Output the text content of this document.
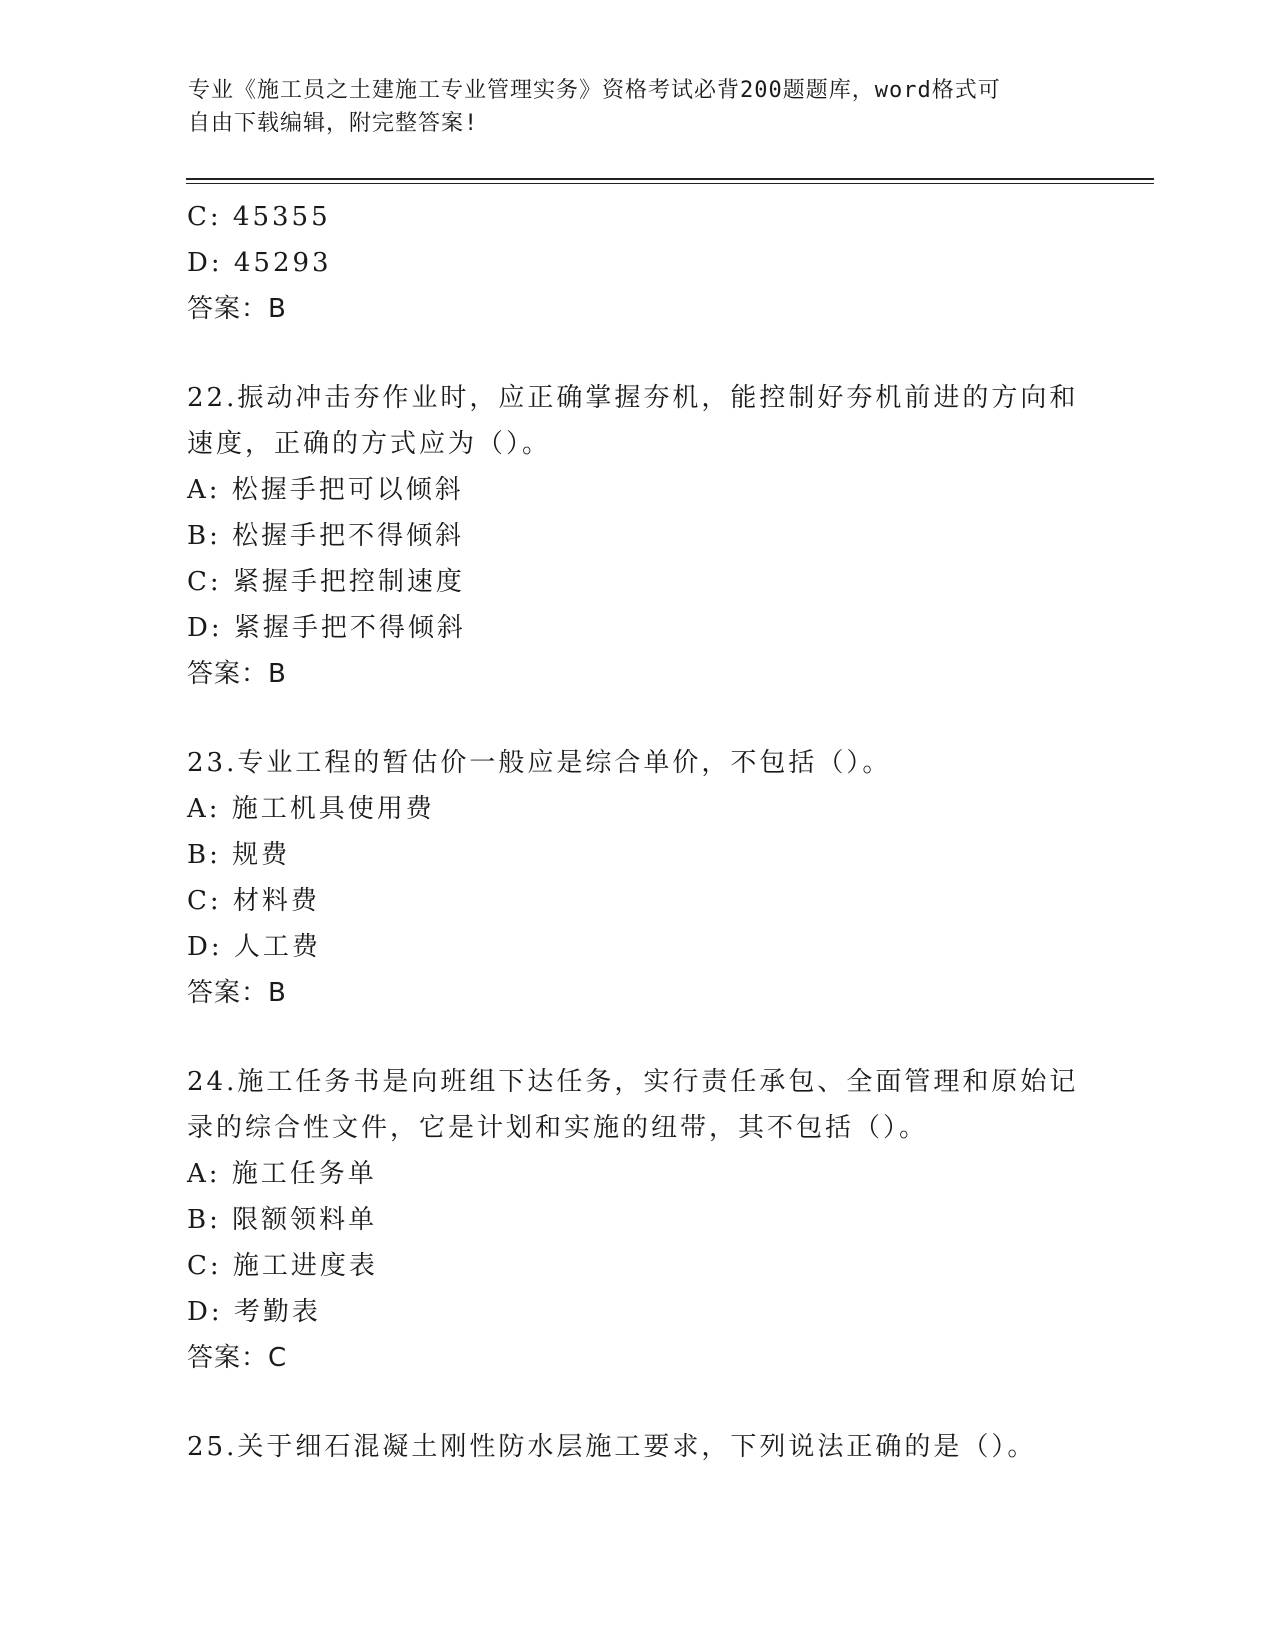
专业《施工员之土建施工专业管理实务》资格考试必背200题题库，word格式可
自由下载编辑，附完整答案!
C: 45355
D: 45293
答案：B
22.振动冲击夯作业时，应正确掌握夯机，能控制好夯机前进的方向和
速度，正确的方式应为（）。
A: 松握手把可以倾斜
B: 松握手把不得倾斜
C: 紧握手把控制速度
D: 紧握手把不得倾斜
答案：B
23.专业工程的暂估价一般应是综合单价，不包括（）。
A: 施工机具使用费
B: 规费
C: 材料费
D: 人工费
答案：B
24.施工任务书是向班组下达任务，实行责任承包、全面管理和原始记
录的综合性文件，它是计划和实施的纽带，其不包括（）。
A: 施工任务单
B: 限额领料单
C: 施工进度表
D: 考勤表
答案：C
25.关于细石混凝土刚性防水层施工要求，下列说法正确的是（）。
